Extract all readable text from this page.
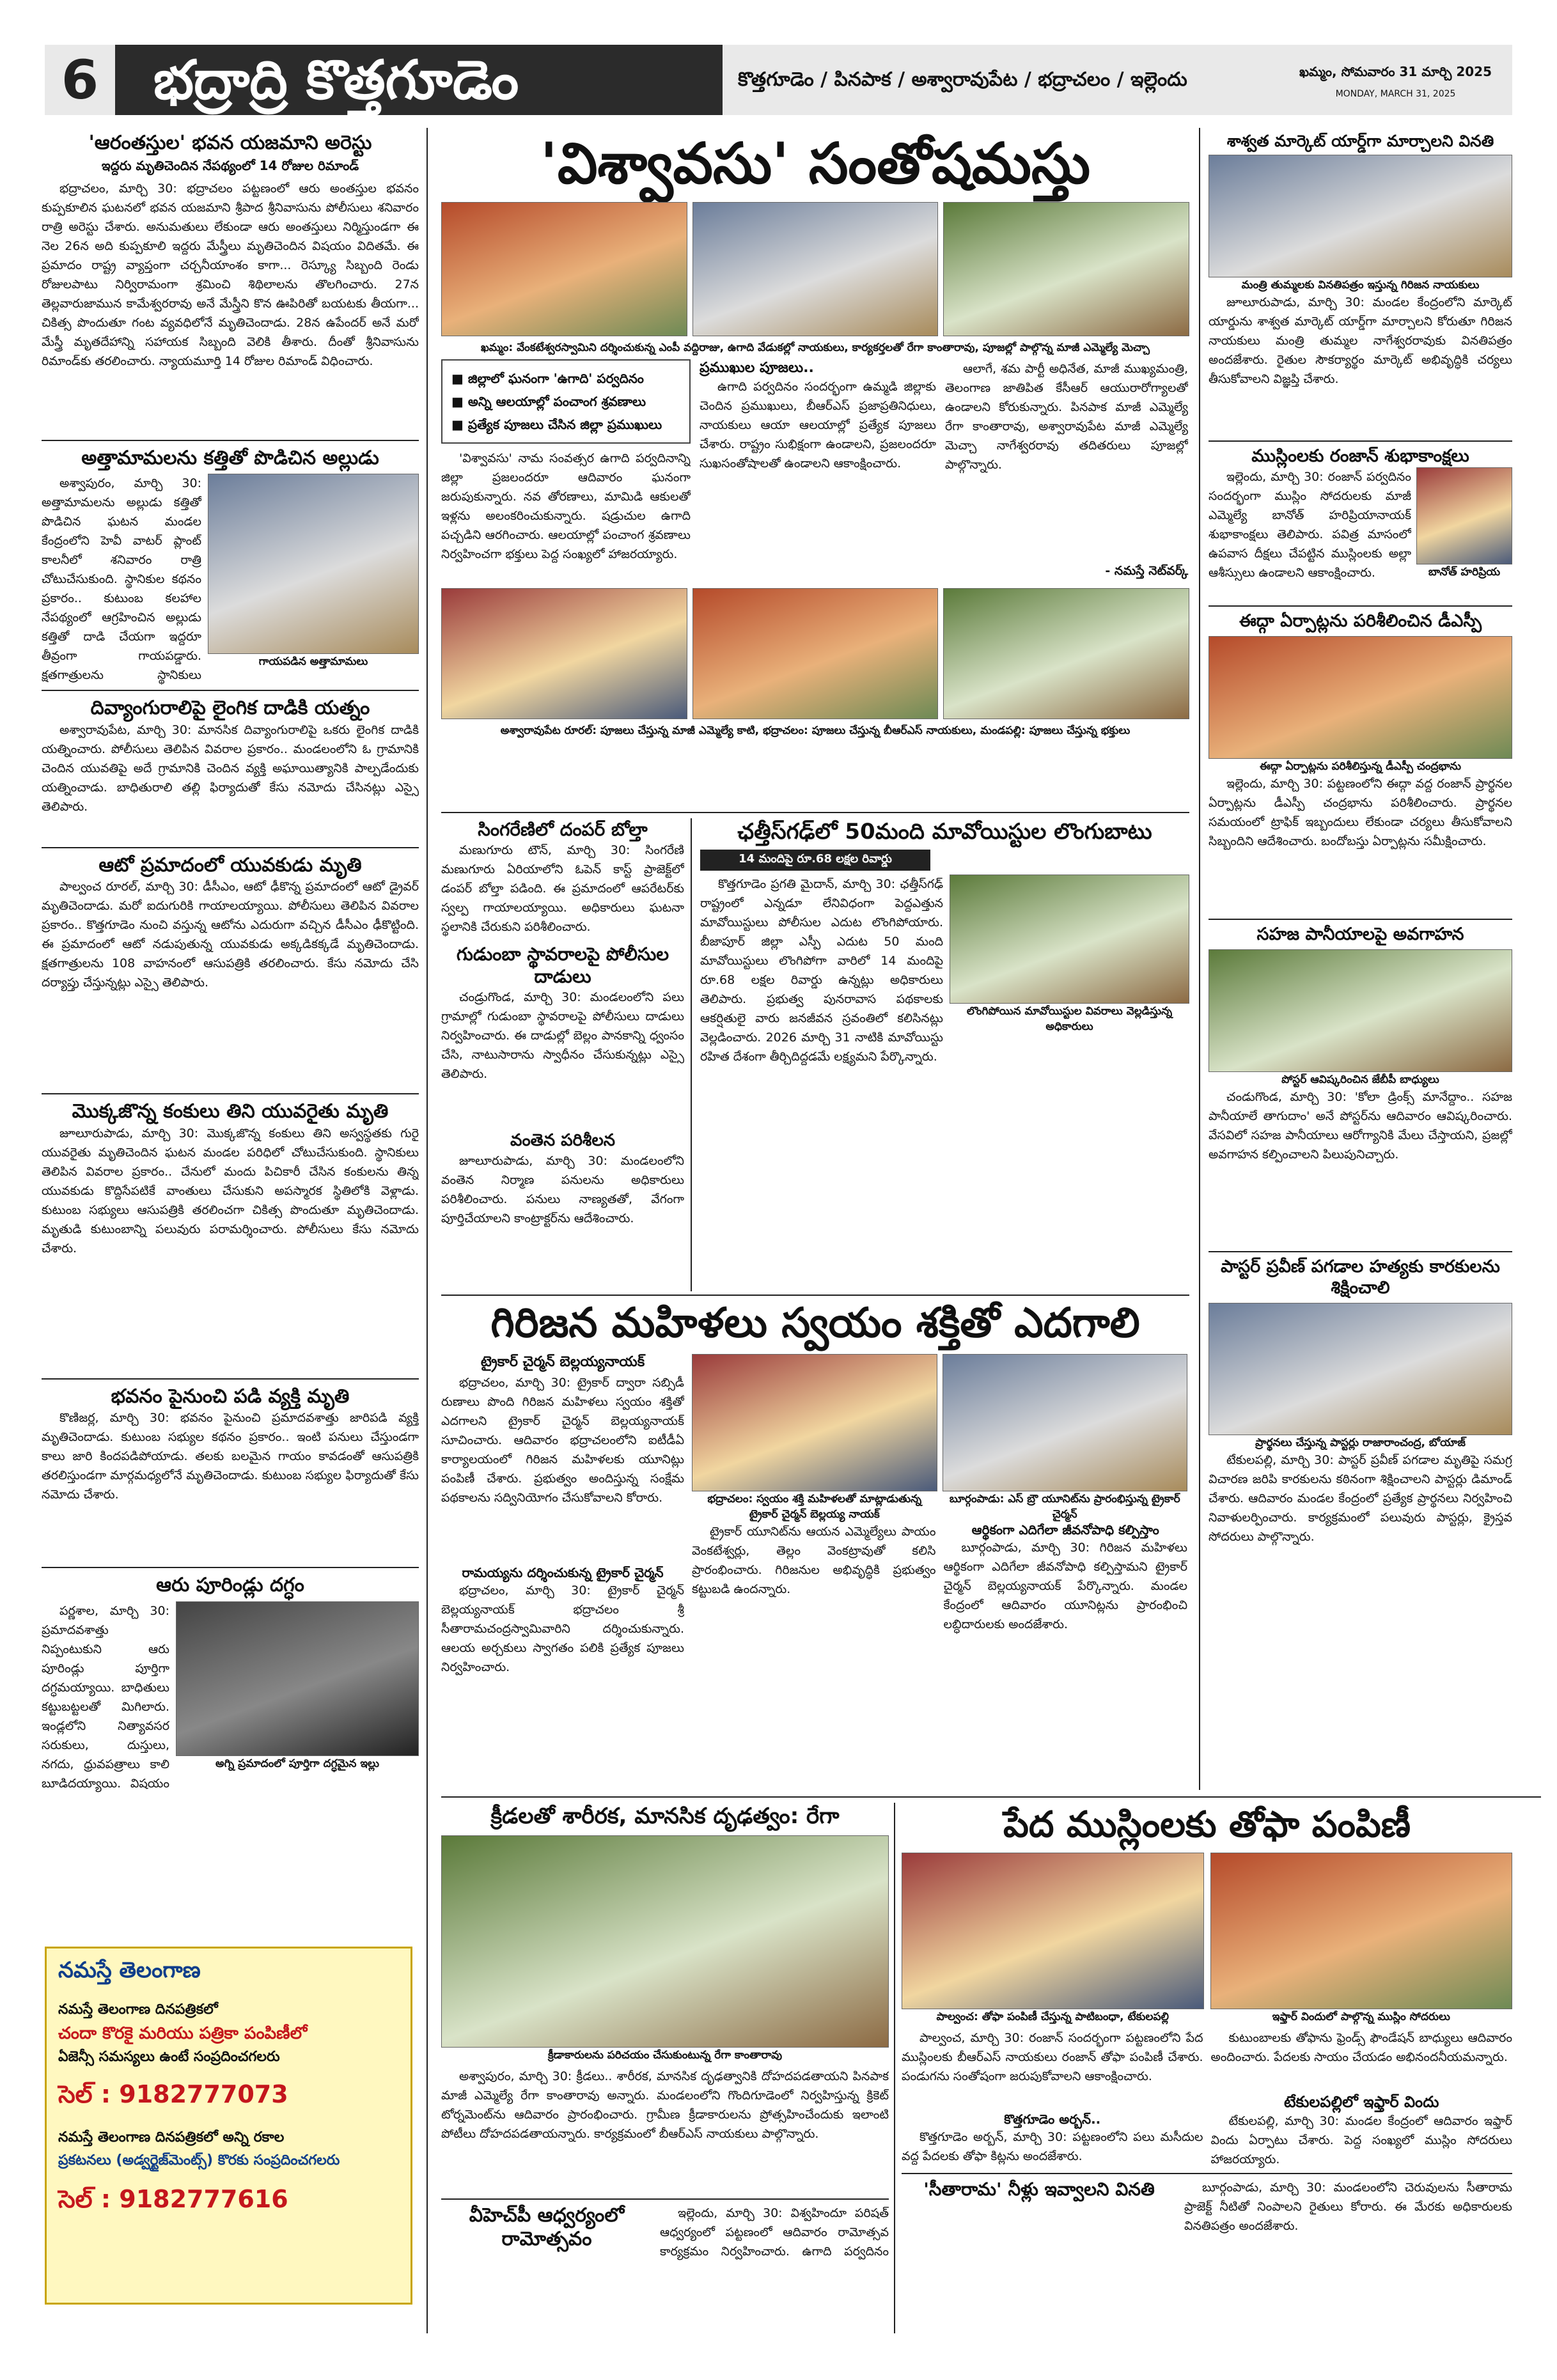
6	భద్రాద్రి కొత్తగూడెం	కొత్తగూడెం / పినపాక / అశ్వారావుపేట / భద్రాచలం / ఇల్లెందు	ఖమ్మం, సోమవారం 31 మార్చి 2025
MONDAY, MARCH 31, 2025
'ఆరంతస్తుల' భవన యజమాని అరెస్టు
ఇద్దరు మృతిచెందిన నేపథ్యంలో 14 రోజుల రిమాండ్

భద్రాచలం, మార్చి 30: భద్రాచలం పట్టణంలో ఆరు అంతస్తుల భవనం కుప్పకూలిన ఘటనలో భవన యజమాని శ్రీపాద శ్రీనివాసును పోలీసులు శనివారం రాత్రి అరెస్టు చేశారు. అనుమతులు లేకుండా ఆరు అంతస్తులు నిర్మిస్తుండగా ఈ నెల 26న అది కుప్పకూలి ఇద్దరు మేస్త్రీలు మృతిచెందిన విషయం విదితమే. ఈ ప్రమాదం రాష్ట్ర వ్యాప్తంగా చర్చనీయాంశం కాగా... రెస్క్యూ సిబ్బంది రెండు రోజులపాటు నిర్విరామంగా శ్రమించి శిథిలాలను తొలగించారు. 27న తెల్లవారుజామున కామేశ్వరరావు అనే మేస్త్రీని కొన ఊపిరితో బయటకు తీయగా... చికిత్స పొందుతూ గంట వ్యవధిలోనే మృతిచెందాడు. 28న ఉపేందర్ అనే మరో మేస్త్రీ మృతదేహాన్ని సహాయక సిబ్బంది వెలికి తీశారు. దీంతో శ్రీనివాసును రిమాండ్‌కు తరలించారు. న్యాయమూర్తి 14 రోజుల రిమాండ్ విధించారు.

అత్తామామలను కత్తితో పొడిచిన అల్లుడు

అశ్వాపురం, మార్చి 30: అత్తామామలను అల్లుడు కత్తితో పొడిచిన ఘటన మండల కేంద్రంలోని హెవీ వాటర్ ప్లాంట్ కాలనీలో శనివారం రాత్రి చోటుచేసుకుంది. స్థానికుల కథనం ప్రకారం.. కుటుంబ కలహాల నేపథ్యంలో ఆగ్రహించిన అల్లుడు కత్తితో దాడి చేయగా ఇద్దరూ తీవ్రంగా గాయపడ్డారు. క్షతగాత్రులను స్థానికులు

గాయపడిన అత్తామామలు
దివ్యాంగురాలిపై లైంగిక దాడికి యత్నం

అశ్వారావుపేట, మార్చి 30: మానసిక దివ్యాంగురాలిపై ఒకరు లైంగిక దాడికి యత్నించారు. పోలీసులు తెలిపిన వివరాల ప్రకారం.. మండలంలోని ఓ గ్రామానికి చెందిన యువతిపై అదే గ్రామానికి చెందిన వ్యక్తి అఘాయిత్యానికి పాల్పడేందుకు యత్నించాడు. బాధితురాలి తల్లి ఫిర్యాదుతో కేసు నమోదు చేసినట్లు ఎస్సై తెలిపారు.

ఆటో ప్రమాదంలో యువకుడు మృతి

పాల్వంచ రూరల్, మార్చి 30: డీసీఎం, ఆటో ఢీకొన్న ప్రమాదంలో ఆటో డ్రైవర్ మృతిచెందాడు. మరో ఐదుగురికి గాయాలయ్యాయి. పోలీసులు తెలిపిన వివరాల ప్రకారం.. కొత్తగూడెం నుంచి వస్తున్న ఆటోను ఎదురుగా వచ్చిన డీసీఎం ఢీకొట్టింది. ఈ ప్రమాదంలో ఆటో నడుపుతున్న యువకుడు అక్కడికక్కడే మృతిచెందాడు. క్షతగాత్రులను 108 వాహనంలో ఆసుపత్రికి తరలించారు. కేసు నమోదు చేసి దర్యాప్తు చేస్తున్నట్లు ఎస్సై తెలిపారు.

మొక్కజొన్న కంకులు తిని యువరైతు మృతి

జూలూరుపాడు, మార్చి 30: మొక్కజొన్న కంకులు తిని అస్వస్థతకు గురై యువరైతు మృతిచెందిన ఘటన మండల పరిధిలో చోటుచేసుకుంది. స్థానికులు తెలిపిన వివరాల ప్రకారం.. చేనులో మందు పిచికారీ చేసిన కంకులను తిన్న యువకుడు కొద్దిసేపటికే వాంతులు చేసుకుని అపస్మారక స్థితిలోకి వెళ్లాడు. కుటుంబ సభ్యులు ఆసుపత్రికి తరలించగా చికిత్స పొందుతూ మృతిచెందాడు. మృతుడి కుటుంబాన్ని పలువురు పరామర్శించారు. పోలీసులు కేసు నమోదు చేశారు.

భవనం పైనుంచి పడి వ్యక్తి మృతి

కొణిజర్ల, మార్చి 30: భవనం పైనుంచి ప్రమాదవశాత్తు జారిపడి వ్యక్తి మృతిచెందాడు. కుటుంబ సభ్యుల కథనం ప్రకారం.. ఇంటి పనులు చేస్తుండగా కాలు జారి కిందపడిపోయాడు. తలకు బలమైన గాయం కావడంతో ఆసుపత్రికి తరలిస్తుండగా మార్గమధ్యలోనే మృతిచెందాడు. కుటుంబ సభ్యుల ఫిర్యాదుతో కేసు నమోదు చేశారు.

ఆరు పూరిండ్లు దగ్ధం

పర్ణశాల, మార్చి 30: ప్రమాదవశాత్తు నిప్పంటుకుని ఆరు పూరిండ్లు పూర్తిగా దగ్ధమయ్యాయి. బాధితులు కట్టుబట్టలతో మిగిలారు. ఇండ్లలోని నిత్యావసర సరుకులు, దుస్తులు, నగదు, ధ్రువపత్రాలు కాలి బూడిదయ్యాయి. విషయం

అగ్ని ప్రమాదంలో పూర్తిగా దగ్ధమైన ఇల్లు
నమస్తే తెలంగాణ
నమస్తే తెలంగాణ దినపత్రికలో
చందా కొరకై మరియు పత్రికా పంపిణీలో
ఏజెన్సీ సమస్యలు ఉంటే సంప్రదించగలరు
సెల్ : 9182777073
నమస్తే తెలంగాణ దినపత్రికలో అన్ని రకాల
ప్రకటనలు (అడ్వర్టైజ్‌మెంట్స్) కొరకు సంప్రదించగలరు
సెల్ : 9182777616
'విశ్వావసు' సంతోషమస్తు
ఖమ్మం: వేంకటేశ్వరస్వామిని దర్శించుకున్న ఎంపీ వద్దిరాజు, ఉగాది వేడుకల్లో నాయకులు, కార్యకర్తలతో రేగా కాంతారావు, పూజల్లో పాల్గొన్న మాజీ ఎమ్మెల్యే మెచ్చా
■ జిల్లాలో ఘనంగా 'ఉగాది' పర్వదినం
■ అన్ని ఆలయాల్లో పంచాంగ శ్రవణాలు
■ ప్రత్యేక పూజలు చేసిన జిల్లా ప్రముఖులు

'విశ్వావసు' నామ సంవత్సర ఉగాది పర్వదినాన్ని జిల్లా ప్రజలందరూ ఆదివారం ఘనంగా జరుపుకున్నారు. నవ తోరణాలు, మామిడి ఆకులతో ఇళ్లను అలంకరించుకున్నారు. షడ్రుచుల ఉగాది పచ్చడిని ఆరగించారు. ఆలయాల్లో పంచాంగ శ్రవణాలు నిర్వహించగా భక్తులు పెద్ద సంఖ్యలో హాజరయ్యారు.

ప్రముఖుల పూజలు..

ఉగాది పర్వదినం సందర్భంగా ఉమ్మడి జిల్లాకు చెందిన ప్రముఖులు, బీఆర్ఎస్ ప్రజాప్రతినిధులు, నాయకులు ఆయా ఆలయాల్లో ప్రత్యేక పూజలు చేశారు. రాష్ట్రం సుభిక్షంగా ఉండాలని, ప్రజలందరూ సుఖసంతోషాలతో ఉండాలని ఆకాంక్షించారు.

ఆలాగే, శమ పార్టీ అధినేత, మాజీ ముఖ్యమంత్రి, తెలంగాణ జాతిపిత కేసీఆర్ ఆయురారోగ్యాలతో ఉండాలని కోరుకున్నారు. పినపాక మాజీ ఎమ్మెల్యే రేగా కాంతారావు, అశ్వారావుపేట మాజీ ఎమ్మెల్యే మెచ్చా నాగేశ్వరరావు తదితరులు పూజల్లో పాల్గొన్నారు.

- నమస్తే నెట్‌వర్క్
అశ్వారావుపేట రూరల్: పూజలు చేస్తున్న మాజీ ఎమ్మెల్యే కాటి, భద్రాచలం: పూజలు చేస్తున్న బీఆర్ఎస్ నాయకులు, మండపల్లి: పూజలు చేస్తున్న భక్తులు
సింగరేణిలో దంపర్ బోల్తా

మణుగూరు టౌన్, మార్చి 30: సింగరేణి మణుగూరు ఏరియాలోని ఓపెన్ కాస్ట్ ప్రాజెక్ట్‌లో డంపర్ బోల్తా పడింది. ఈ ప్రమాదంలో ఆపరేటర్‌కు స్వల్ప గాయాలయ్యాయి. అధికారులు ఘటనా స్థలానికి చేరుకుని పరిశీలించారు.

గుడుంబా స్థావరాలపై పోలీసుల దాడులు

చండ్రుగొండ, మార్చి 30: మండలంలోని పలు గ్రామాల్లో గుడుంబా స్థావరాలపై పోలీసులు దాడులు నిర్వహించారు. ఈ దాడుల్లో బెల్లం పానకాన్ని ధ్వంసం చేసి, నాటుసారాను స్వాధీనం చేసుకున్నట్లు ఎస్సై తెలిపారు.

వంతెన పరిశీలన

జూలూరుపాడు, మార్చి 30: మండలంలోని వంతెన నిర్మాణ పనులను అధికారులు పరిశీలించారు. పనులు నాణ్యతతో, వేగంగా పూర్తిచేయాలని కాంట్రాక్టర్‌ను ఆదేశించారు.

ఛత్తీస్‌గఢ్‌లో 50మంది మావోయిస్టుల లొంగుబాటు
14 మందిపై రూ.68 లక్షల రివార్డు

కొత్తగూడెం ప్రగతి మైదాన్, మార్చి 30: ఛత్తీస్‌గఢ్ రాష్ట్రంలో ఎన్నడూ లేనివిధంగా పెద్దఎత్తున మావోయిస్టులు పోలీసుల ఎదుట లొంగిపోయారు. బీజాపూర్ జిల్లా ఎస్పీ ఎదుట 50 మంది మావోయిస్టులు లొంగిపోగా వారిలో 14 మందిపై రూ.68 లక్షల రివార్డు ఉన్నట్లు అధికారులు తెలిపారు. ప్రభుత్వ పునరావాస పథకాలకు ఆకర్షితులై వారు జనజీవన స్రవంతిలో కలిసినట్లు వెల్లడించారు. 2026 మార్చి 31 నాటికి మావోయిస్టు రహిత దేశంగా తీర్చిదిద్దడమే లక్ష్యమని పేర్కొన్నారు.

లొంగిపోయిన మావోయిస్టుల వివరాలు వెల్లడిస్తున్న అధికారులు
గిరిజన మహిళలు స్వయం శక్తితో ఎదగాలి
ట్రైకార్ చైర్మన్ బెల్లయ్యనాయక్

భద్రాచలం, మార్చి 30: ట్రైకార్ ద్వారా సబ్సిడీ రుణాలు పొంది గిరిజన మహిళలు స్వయం శక్తితో ఎదగాలని ట్రైకార్ చైర్మన్ బెల్లయ్యనాయక్ సూచించారు. ఆదివారం భద్రాచలంలోని ఐటీడీఏ కార్యాలయంలో గిరిజన మహిళలకు యూనిట్లు పంపిణీ చేశారు. ప్రభుత్వం అందిస్తున్న సంక్షేమ పథకాలను సద్వినియోగం చేసుకోవాలని కోరారు.

రామయ్యను దర్శించుకున్న ట్రైకార్ చైర్మన్

భద్రాచలం, మార్చి 30: ట్రైకార్ చైర్మన్ బెల్లయ్యనాయక్ భద్రాచలం శ్రీ సీతారామచంద్రస్వామివారిని దర్శించుకున్నారు. ఆలయ అర్చకులు స్వాగతం పలికి ప్రత్యేక పూజలు నిర్వహించారు.

భద్రాచలం: స్వయం శక్తి మహిళలతో మాట్లాడుతున్న ట్రైకార్ చైర్మన్ బెల్లయ్య నాయక్
బూర్గంపాడు: ఎస్ బ్రౌ యూనిట్‌ను ప్రారంభిస్తున్న ట్రైకార్ చైర్మన్

ట్రైకార్ యూనిట్‌ను ఆయన ఎమ్మెల్యేలు పాయం వెంకటేశ్వర్లు, తెల్లం వెంకట్రావుతో కలిసి ప్రారంభించారు. గిరిజనుల అభివృద్ధికి ప్రభుత్వం కట్టుబడి ఉందన్నారు.

ఆర్థికంగా ఎదిగేలా జీవనోపాధి కల్పిస్తాం

బూర్గంపాడు, మార్చి 30: గిరిజన మహిళలు ఆర్థికంగా ఎదిగేలా జీవనోపాధి కల్పిస్తామని ట్రైకార్ చైర్మన్ బెల్లయ్యనాయక్ పేర్కొన్నారు. మండల కేంద్రంలో ఆదివారం యూనిట్లను ప్రారంభించి లబ్ధిదారులకు అందజేశారు.

క్రీడలతో శారీరక, మానసిక దృఢత్వం: రేగా
క్రీడాకారులను పరిచయం చేసుకుంటున్న రేగా కాంతారావు

అశ్వాపురం, మార్చి 30: క్రీడలు.. శారీరక, మానసిక దృఢత్వానికి దోహదపడతాయని పినపాక మాజీ ఎమ్మెల్యే రేగా కాంతారావు అన్నారు. మండలంలోని గొందిగూడెంలో నిర్వహిస్తున్న క్రికెట్ టోర్నమెంట్‌ను ఆదివారం ప్రారంభించారు. గ్రామీణ క్రీడాకారులను ప్రోత్సహించేందుకు ఇలాంటి పోటీలు దోహదపడతాయన్నారు. కార్యక్రమంలో బీఆర్ఎస్ నాయకులు పాల్గొన్నారు.

వీహెచ్‌పీ ఆధ్వర్యంలో రామోత్సవం

ఇల్లెందు, మార్చి 30: విశ్వహిందూ పరిషత్ ఆధ్వర్యంలో పట్టణంలో ఆదివారం రామోత్సవ కార్యక్రమం నిర్వహించారు. ఉగాది పర్వదినం

శాశ్వత మార్కెట్ యార్డ్‌గా మార్చాలని వినతి
మంత్రి తుమ్మలకు వినతిపత్రం ఇస్తున్న గిరిజన నాయకులు

జూలూరుపాడు, మార్చి 30: మండల కేంద్రంలోని మార్కెట్ యార్డును శాశ్వత మార్కెట్ యార్డ్‌గా మార్చాలని కోరుతూ గిరిజన నాయకులు మంత్రి తుమ్మల నాగేశ్వరరావుకు వినతిపత్రం అందజేశారు. రైతుల సౌకర్యార్థం మార్కెట్ అభివృద్ధికి చర్యలు తీసుకోవాలని విజ్ఞప్తి చేశారు.

ముస్లింలకు రంజాన్ శుభాకాంక్షలు

ఇల్లెందు, మార్చి 30: రంజాన్ పర్వదినం సందర్భంగా ముస్లిం సోదరులకు మాజీ ఎమ్మెల్యే బానోత్ హరిప్రియానాయక్ శుభాకాంక్షలు తెలిపారు. పవిత్ర మాసంలో ఉపవాస దీక్షలు చేపట్టిన ముస్లింలకు అల్లా ఆశీస్సులు ఉండాలని ఆకాంక్షించారు.	బానోత్ హరిప్రియ
ఈద్గా ఏర్పాట్లను పరిశీలించిన డీఎస్పీ
ఈద్గా ఏర్పాట్లను పరిశీలిస్తున్న డీఎస్పీ చంద్రభాను

ఇల్లెందు, మార్చి 30: పట్టణంలోని ఈద్గా వద్ద రంజాన్ ప్రార్థనల ఏర్పాట్లను డీఎస్పీ చంద్రభాను పరిశీలించారు. ప్రార్థనల సమయంలో ట్రాఫిక్ ఇబ్బందులు లేకుండా చర్యలు తీసుకోవాలని సిబ్బందిని ఆదేశించారు. బందోబస్తు ఏర్పాట్లను సమీక్షించారు.

సహజ పానీయాలపై అవగాహన
పోస్టర్ ఆవిష్కరించిన జేబీపీ బాధ్యులు

చండుగొండ, మార్చి 30: 'కోలా డ్రింక్స్ మానేద్దాం.. సహజ పానీయాలే తాగుదాం' అనే పోస్టర్‌ను ఆదివారం ఆవిష్కరించారు. వేసవిలో సహజ పానీయాలు ఆరోగ్యానికి మేలు చేస్తాయని, ప్రజల్లో అవగాహన కల్పించాలని పిలుపునిచ్చారు.

పాస్టర్ ప్రవీణ్ పగడాల హత్యకు కారకులను శిక్షించాలి
ప్రార్థనలు చేస్తున్న పాస్టర్లు రాజారాంచంద్ర, బోయాజ్

టేకులపల్లి, మార్చి 30: పాస్టర్ ప్రవీణ్ పగడాల మృతిపై సమగ్ర విచారణ జరిపి కారకులను కఠినంగా శిక్షించాలని పాస్టర్లు డిమాండ్ చేశారు. ఆదివారం మండల కేంద్రంలో ప్రత్యేక ప్రార్థనలు నిర్వహించి నివాళులర్పించారు. కార్యక్రమంలో పలువురు పాస్టర్లు, క్రైస్తవ సోదరులు పాల్గొన్నారు.

పేద ముస్లింలకు తోఫా పంపిణీ
పాల్వంచ: తోఫా పంపిణీ చేస్తున్న పాటిబంధా, టేకులపల్లి	ఇఫ్తార్ విందులో పాల్గొన్న ముస్లిం సోదరులు

పాల్వంచ, మార్చి 30: రంజాన్ సందర్భంగా పట్టణంలోని పేద ముస్లింలకు బీఆర్ఎస్ నాయకులు రంజాన్ తోఫా పంపిణీ చేశారు. పండుగను సంతోషంగా జరుపుకోవాలని ఆకాంక్షించారు.

కొత్తగూడెం అర్బన్..

కొత్తగూడెం అర్బన్, మార్చి 30: పట్టణంలోని పలు మసీదుల వద్ద పేదలకు తోఫా కిట్లను అందజేశారు.

కుటుంబాలకు తోఫాను ఫ్రెండ్స్ ఫౌండేషన్ బాధ్యులు ఆదివారం అందించారు. పేదలకు సాయం చేయడం అభినందనీయమన్నారు.

టేకులపల్లిలో ఇఫ్తార్ విందు

టేకులపల్లి, మార్చి 30: మండల కేంద్రంలో ఆదివారం ఇఫ్తార్ విందు ఏర్పాటు చేశారు. పెద్ద సంఖ్యలో ముస్లిం సోదరులు హాజరయ్యారు.

'సీతారామ' నీళ్లు ఇవ్వాలని వినతి	బూర్గంపాడు, మార్చి 30: మండలంలోని చెరువులను సీతారామ ప్రాజెక్ట్ నీటితో నింపాలని రైతులు కోరారు. ఈ మేరకు అధికారులకు వినతిపత్రం అందజేశారు.
